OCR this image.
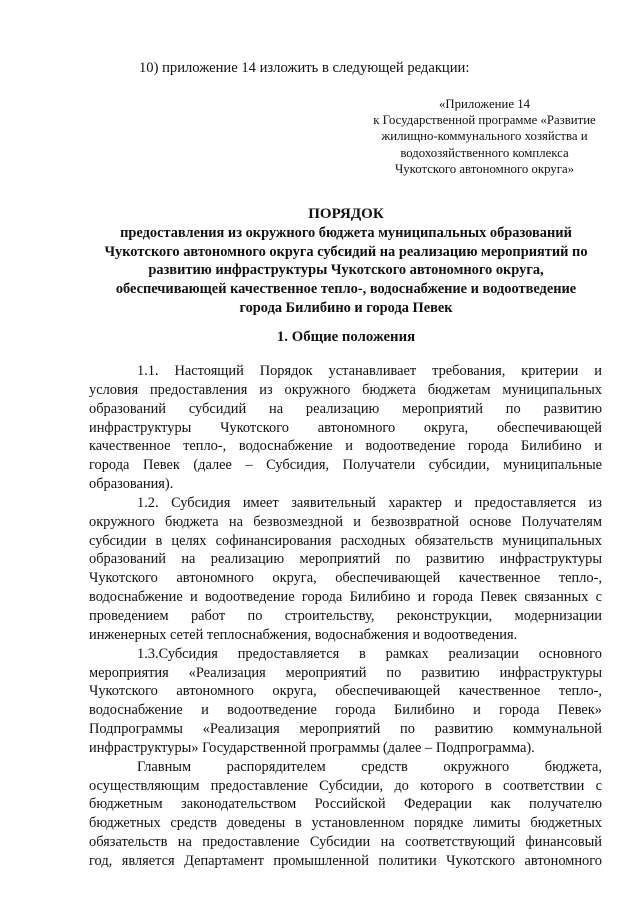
10) приложение 14 изложить в следующей редакции:
«Приложение 14
к Государственной программе «Развитие
жилищно-коммунального хозяйства и
водохозяйственного комплекса
Чукотского автономного округа»
ПОРЯДОК
предоставления из окружного бюджета муниципальных образований
Чукотского автономного округа субсидий на реализацию мероприятий по
развитию инфраструктуры Чукотского автономного округа,
обеспечивающей качественное тепло-, водоснабжение и водоотведение
города Билибино и города Певек
1. Общие положения
1.1. Настоящий Порядок устанавливает требования, критерии и
условия предоставления из окружного бюджета бюджетам муниципальных
образований субсидий на реализацию мероприятий по развитию
инфраструктуры Чукотского автономного округа, обеспечивающей
качественное тепло-, водоснабжение и водоотведение города Билибино и
города Певек (далее – Субсидия, Получатели субсидии, муниципальные
образования).
1.2. Субсидия имеет заявительный характер и предоставляется из
окружного бюджета на безвозмездной и безвозвратной основе Получателям
субсидии в целях софинансирования расходных обязательств муниципальных
образований на реализацию мероприятий по развитию инфраструктуры
Чукотского автономного округа, обеспечивающей качественное тепло-,
водоснабжение и водоотведение города Билибино и города Певек связанных с
проведением работ по строительству, реконструкции, модернизации
инженерных сетей теплоснабжения, водоснабжения и водоотведения.
1.3.Субсидия предоставляется в рамках реализации основного
мероприятия «Реализация мероприятий по развитию инфраструктуры
Чукотского автономного округа, обеспечивающей качественное тепло-,
водоснабжение и водоотведение города Билибино и города Певек»
Подпрограммы «Реализация мероприятий по развитию коммунальной
инфраструктуры» Государственной программы (далее – Подпрограмма).
Главным распорядителем средств окружного бюджета,
осуществляющим предоставление Субсидии, до которого в соответствии с
бюджетным законодательством Российской Федерации как получателю
бюджетных средств доведены в установленном порядке лимиты бюджетных
обязательств на предоставление Субсидии на соответствующий финансовый
год, является Департамент промышленной политики Чукотского автономного
